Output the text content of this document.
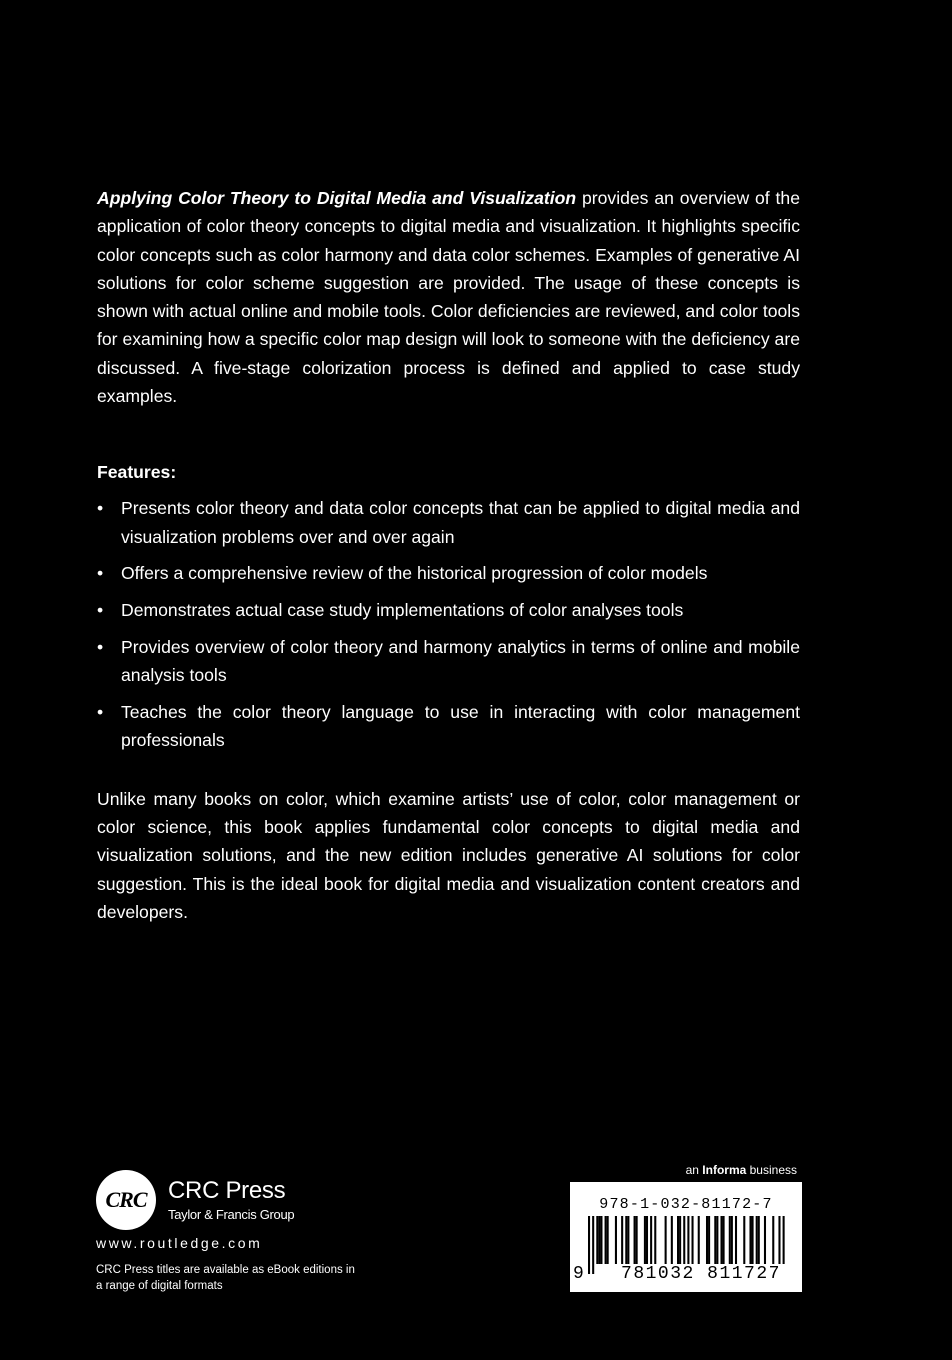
Applying Color Theory to Digital Media and Visualization provides an overview of the application of color theory concepts to digital media and visualization. It highlights specific color concepts such as color harmony and data color schemes. Examples of generative AI solutions for color scheme suggestion are provided. The usage of these concepts is shown with actual online and mobile tools. Color deficiencies are reviewed, and color tools for examining how a specific color map design will look to someone with the deficiency are discussed. A five-stage colorization process is defined and applied to case study examples.

Features:
• Presents color theory and data color concepts that can be applied to digital media and visualization problems over and over again
• Offers a comprehensive review of the historical progression of color models
• Demonstrates actual case study implementations of color analyses tools
• Provides overview of color theory and harmony analytics in terms of online and mobile analysis tools
• Teaches the color theory language to use in interacting with color management professionals

Unlike many books on color, which examine artists’ use of color, color management or color science, this book applies fundamental color concepts to digital media and visualization solutions, and the new edition includes generative AI solutions for color suggestion. This is the ideal book for digital media and visualization content creators and developers.

CRC CRC Press
Taylor & Francis Group
www.routledge.com
CRC Press titles are available as eBook editions in a range of digital formats
an Informa business
978-1-032-81172-7
9	781032 811727
